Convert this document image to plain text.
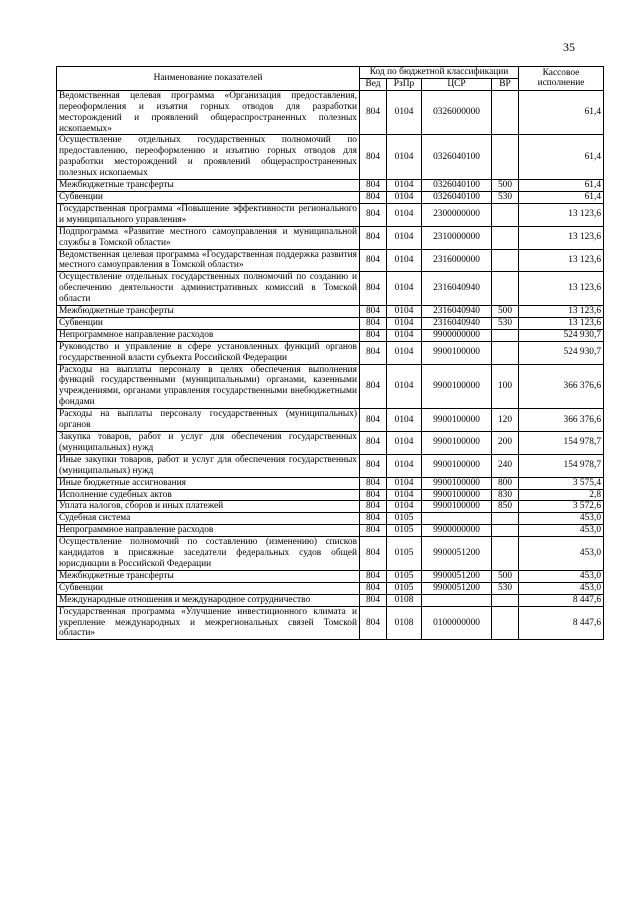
35
Наименование показателей	Код по бюджетной классификации				Кассовое исполнение
	Вед	РзПр	ЦСР	ВР	
Ведомственная целевая программа «Организация предоставления, переоформления и изъятия горных отводов для разработки месторождений и проявлений общераспространенных полезных ископаемых»	804	0104	0326000000		61,4
Осуществление отдельных государственных полномочий по предоставлению, переоформлению и изъятию горных отводов для разработки месторождений и проявлений общераспространенных полезных ископаемых	804	0104	0326040100		61,4
Межбюджетные трансферты	804	0104	0326040100	500	61,4
Субвенции	804	0104	0326040100	530	61,4
Государственная программа «Повышение эффективности регионального и муниципального управления»	804	0104	2300000000		13 123,6
Подпрограмма «Развитие местного самоуправления и муниципальной службы в Томской области»	804	0104	2310000000		13 123,6
Ведомственная целевая программа «Государственная поддержка развития местного самоуправления в Томской области»	804	0104	2316000000		13 123,6
Осуществление отдельных государственных полномочий по созданию и обеспечению деятельности административных комиссий в Томской области	804	0104	2316040940		13 123,6
Межбюджетные трансферты	804	0104	2316040940	500	13 123,6
Субвенции	804	0104	2316040940	530	13 123,6
Непрограммное направление расходов	804	0104	9900000000		524 930,7
Руководство и управление в сфере установленных функций органов государственной власти субъекта Российской Федерации	804	0104	9900100000		524 930,7
Расходы на выплаты персоналу в целях обеспечения выполнения функций государственными (муниципальными) органами, казенными учреждениями, органами управления государственными внебюджетными фондами	804	0104	9900100000	100	366 376,6
Расходы на выплаты персоналу государственных (муниципальных) органов	804	0104	9900100000	120	366 376,6
Закупка товаров, работ и услуг для обеспечения государственных (муниципальных) нужд	804	0104	9900100000	200	154 978,7
Иные закупки товаров, работ и услуг для обеспечения государственных (муниципальных) нужд	804	0104	9900100000	240	154 978,7
Иные бюджетные ассигнования	804	0104	9900100000	800	3 575,4
Исполнение судебных актов	804	0104	9900100000	830	2,8
Уплата налогов, сборов и иных платежей	804	0104	9900100000	850	3 572,6
Судебная система	804	0105			453,0
Непрограммное направление расходов	804	0105	9900000000		453,0
Осуществление полномочий по составлению (изменению) списков кандидатов в присяжные заседатели федеральных судов общей юрисдикции в Российской Федерации	804	0105	9900051200		453,0
Межбюджетные трансферты	804	0105	9900051200	500	453,0
Субвенции	804	0105	9900051200	530	453,0
Международные отношения и международное сотрудничество	804	0108			8 447,6
Государственная программа «Улучшение инвестиционного климата и укрепление международных и межрегиональных связей Томской области»	804	0108	0100000000		8 447,6
